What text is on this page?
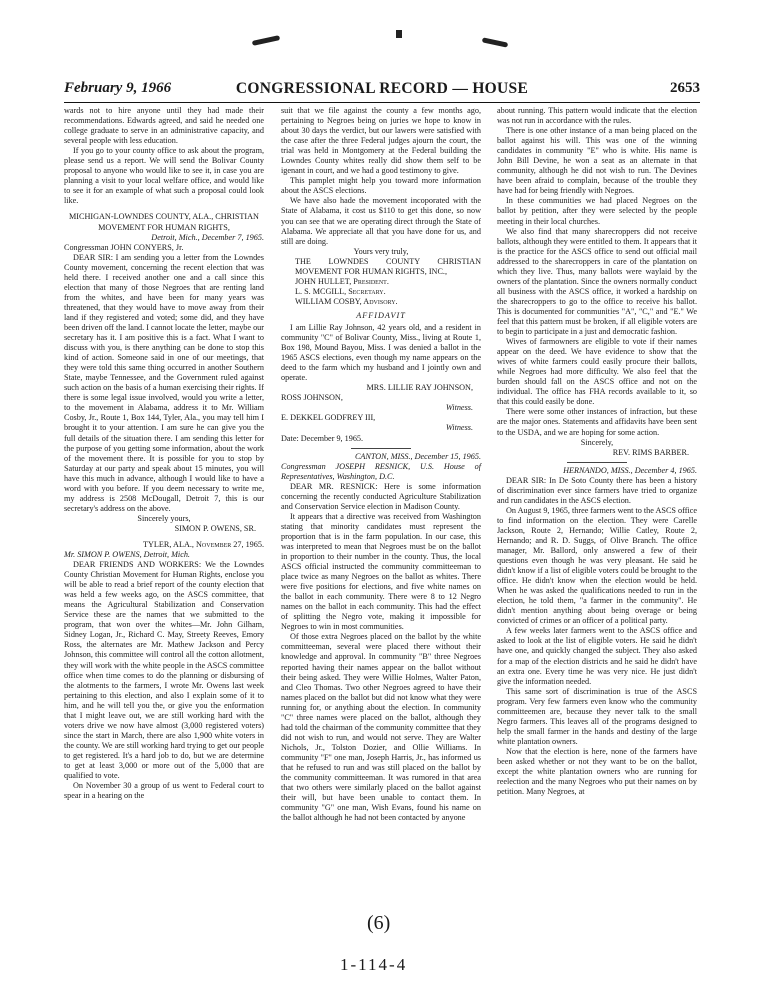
February 9, 1966	CONGRESSIONAL RECORD — HOUSE	2653

wards not to hire anyone until they had made their recommendations. Edwards agreed, and said he needed one college graduate to serve in an administrative capacity, and several people with less education.

If you go to your county office to ask about the program, please send us a report. We will send the Bolivar County proposal to anyone who would like to see it, in case you are planning a visit to your local welfare office, and would like to see it for an example of what such a proposal could look like.

MICHIGAN-LOWNDES COUNTY, ALA., CHRISTIAN MOVEMENT FOR HUMAN RIGHTS,

Detroit, Mich., December 7, 1965.

Congressman JOHN CONYERS, Jr.

DEAR SIR: I am sending you a letter from the Lowndes County movement, concerning the recent election that was held there. I received another one and a call since this election that many of those Negroes that are renting land from the whites, and have been for many years was threatened, that they would have to move away from their land if they registered and voted; some did, and they have been driven off the land. I cannot locate the letter, maybe our secretary has it. I am positive this is a fact. What I want to discuss with you, is there anything can be done to stop this kind of action. Someone said in one of our meetings, that they were told this same thing occurred in another Southern State, maybe Tennessee, and the Government ruled against such action on the basis of a human exercising their rights. If there is some legal issue involved, would you write a letter, to the movement in Alabama, address it to Mr. William Cosby, Jr., Route 1, Box 144, Tyler, Ala., you may tell him I brought it to your attention. I am sure he can give you the full details of the situation there. I am sending this letter for the purpose of you getting some information, about the work of the movement there. It is possible for you to stop by Saturday at our party and speak about 15 minutes, you will have this much in advance, although I would like to have a word with you before. If you deem necessary to write me, my address is 2508 McDougall, Detroit 7, this is our secretary's address on the above.

Sincerely yours,

SIMON P. OWENS, SR.

TYLER, ALA., November 27, 1965.

Mr. SIMON P. OWENS, Detroit, Mich.

DEAR FRIENDS AND WORKERS: We the Lowndes County Christian Movement for Human Rights, enclose you will be able to read a brief report of the county election that was held a few weeks ago, on the ASCS committee, that means the Agricultural Stabilization and Conservation Service these are the names that we submitted to the program, that won over the whites—Mr. John Gilham, Sidney Logan, Jr., Richard C. May, Streety Reeves, Emory Ross, the alternates are Mr. Mathew Jackson and Percy Johnson, this committee will control all the cotton allotment, they will work with the white people in the ASCS committee office when time comes to do the planning or disbursing of the alotments to the farmers, I wrote Mr. Owens last week pertaining to this election, and also I explain some of it to him, and he will tell you the, or give you the enformation that I might leave out, we are still working hard with the voters drive we now have almost (3,000 registered voters) since the start in March, there are also 1,900 white voters in the county. We are still working hard trying to get our people to get registered. It's a hard job to do, but we are determine to get at least 3,000 or more out of the 5,000 that are qualified to vote.

On November 30 a group of us went to Federal court to spear in a hearing on the

suit that we file against the county a few months ago, pertaining to Negroes being on juries we hope to know in about 30 days the verdict, but our lawers were satisfied with the case after the three Federal judges ajourn the court, the trial was held in Montgomery at the Federal building the Lowndes County whites really did show them self to be igenant in court, and we had a good testimony to give.

This pamplet might help you toward more information about the ASCS elections.

We have also hade the movement incoporated with the State of Alabama, it cost us $110 to get this done, so now you can see that we are operating direct through the State of Alabama. We appreciate all that you have done for us, and still are doing.

Yours very truly,

THE LOWNDES COUNTY CHRISTIAN MOVEMENT FOR HUMAN RIGHTS, INC.,

JOHN HULLET, President.

L. S. MCGILL, Secretary.

WILLIAM COSBY, Advisory.

AFFIDAVIT

I am Lillie Ray Johnson, 42 years old, and a resident in community "C" of Bolivar County, Miss., living at Route 1, Box 198, Mound Bayou, Miss. I was denied a ballot in the 1965 ASCS elections, even though my name appears on the deed to the farm which my husband and I jointly own and operate.

MRS. LILLIE RAY JOHNSON,

ROSS JOHNSON,

Witness.

E. DEKKEL GODFREY III,

Witness.

Date: December 9, 1965.

CANTON, MISS., December 15, 1965.

Congressman JOSEPH RESNICK, U.S. House of Representatives, Washington, D.C.

DEAR MR. RESNICK: Here is some information concerning the recently conducted Agriculture Stabilization and Conservation Service election in Madison County.

It appears that a directive was received from Washington stating that minority candidates must represent the proportion that is in the farm population. In our case, this was interpreted to mean that Negroes must be on the ballot in proportion to their number in the county. Thus, the local ASCS official instructed the community committeeman to place twice as many Negroes on the ballot as whites. There were five positions for elections, and five white names on the ballot in each community. There were 8 to 12 Negro names on the ballot in each community. This had the effect of splitting the Negro vote, making it impossible for Negroes to win in most communities.

Of those extra Negroes placed on the ballot by the white committeeman, several were placed there without their knowledge and approval. In community "B" three Negroes reported having their names appear on the ballot without their being asked. They were Willie Holmes, Walter Paton, and Cleo Thomas. Two other Negroes agreed to have their names placed on the ballot but did not know what they were running for, or anything about the election. In community "C" three names were placed on the ballot, although they had told the chairman of the community committee that they did not wish to run, and would not serve. They are Walter Nichols, Jr., Tolston Dozier, and Ollie Williams. In community "F" one man, Joseph Harris, Jr., has informed us that he refused to run and was still placed on the ballot by the community committeeman. It was rumored in that area that two others were similarly placed on the ballot against their will, but have been unable to contact them. In community "G" one man, Wish Evans, found his name on the ballot although he had not been contacted by anyone

about running. This pattern would indicate that the election was not run in accordance with the rules.

There is one other instance of a man being placed on the ballot against his will. This was one of the winning candidates in community "E" who is white. His name is John Bill Devine, he won a seat as an alternate in that community, although he did not wish to run. The Devines have been afraid to complain, because of the trouble they have had for being friendly with Negroes.

In these communities we had placed Negroes on the ballot by petition, after they were selected by the people meeting in their local churches.

We also find that many sharecroppers did not receive ballots, although they were entitled to them. It appears that it is the practice for the ASCS office to send out official mail addressed to the sharecroppers in care of the plantation on which they live. Thus, many ballots were waylaid by the owners of the plantation. Since the owners normally conduct all business with the ASCS office, it worked a hardship on the sharecroppers to go to the office to receive his ballot. This is documented for communities "A", "C," and "E." We feel that this pattern must be broken, if all eligible voters are to begin to participate in a just and democratic fashion.

Wives of farmowners are eligible to vote if their names appear on the deed. We have evidence to show that the wives of white farmers could easily procure their ballots, while Negroes had more difficulty. We also feel that the burden should fall on the ASCS office and not on the individual. The office has FHA records available to it, so that this could easily be done.

There were some other instances of infraction, but these are the major ones. Statements and affidavits have been sent to the USDA, and we are hoping for some action.

Sincerely,

REV. RIMS BARBER.

HERNANDO, MISS., December 4, 1965.

DEAR SIR: In De Soto County there has been a history of discrimination ever since farmers have tried to organize and run candidates in the ASCS election.

On August 9, 1965, three farmers went to the ASCS office to find information on the election. They were Carelle Jackson, Route 2, Hernando; Willie Catley, Route 2, Hernando; and R. D. Suggs, of Olive Branch. The office manager, Mr. Ballord, only answered a few of their questions even though he was very pleasant. He said he didn't know if a list of eligible voters could be brought to the office. He didn't know when the election would be held. When he was asked the qualifications needed to run in the election, he told them, "a farmer in the community". He didn't mention anything about being overage or being convicted of crimes or an officer of a political party.

A few weeks later farmers went to the ASCS office and asked to look at the list of eligible voters. He said he didn't have one, and quickly changed the subject. They also asked for a map of the election districts and he said he didn't have an extra one. Every time he was very nice. He just didn't give the information needed.

This same sort of discrimination is true of the ASCS program. Very few farmers even know who the community committeemen are, because they never talk to the small Negro farmers. This leaves all of the programs designed to help the small farmer in the hands and destiny of the large white plantation owners.

Now that the election is here, none of the farmers have been asked whether or not they want to be on the ballot, except the white plantation owners who are running for reelection and the many Negroes who put their names on by petition. Many Negroes, at

(6)
1-114-4
